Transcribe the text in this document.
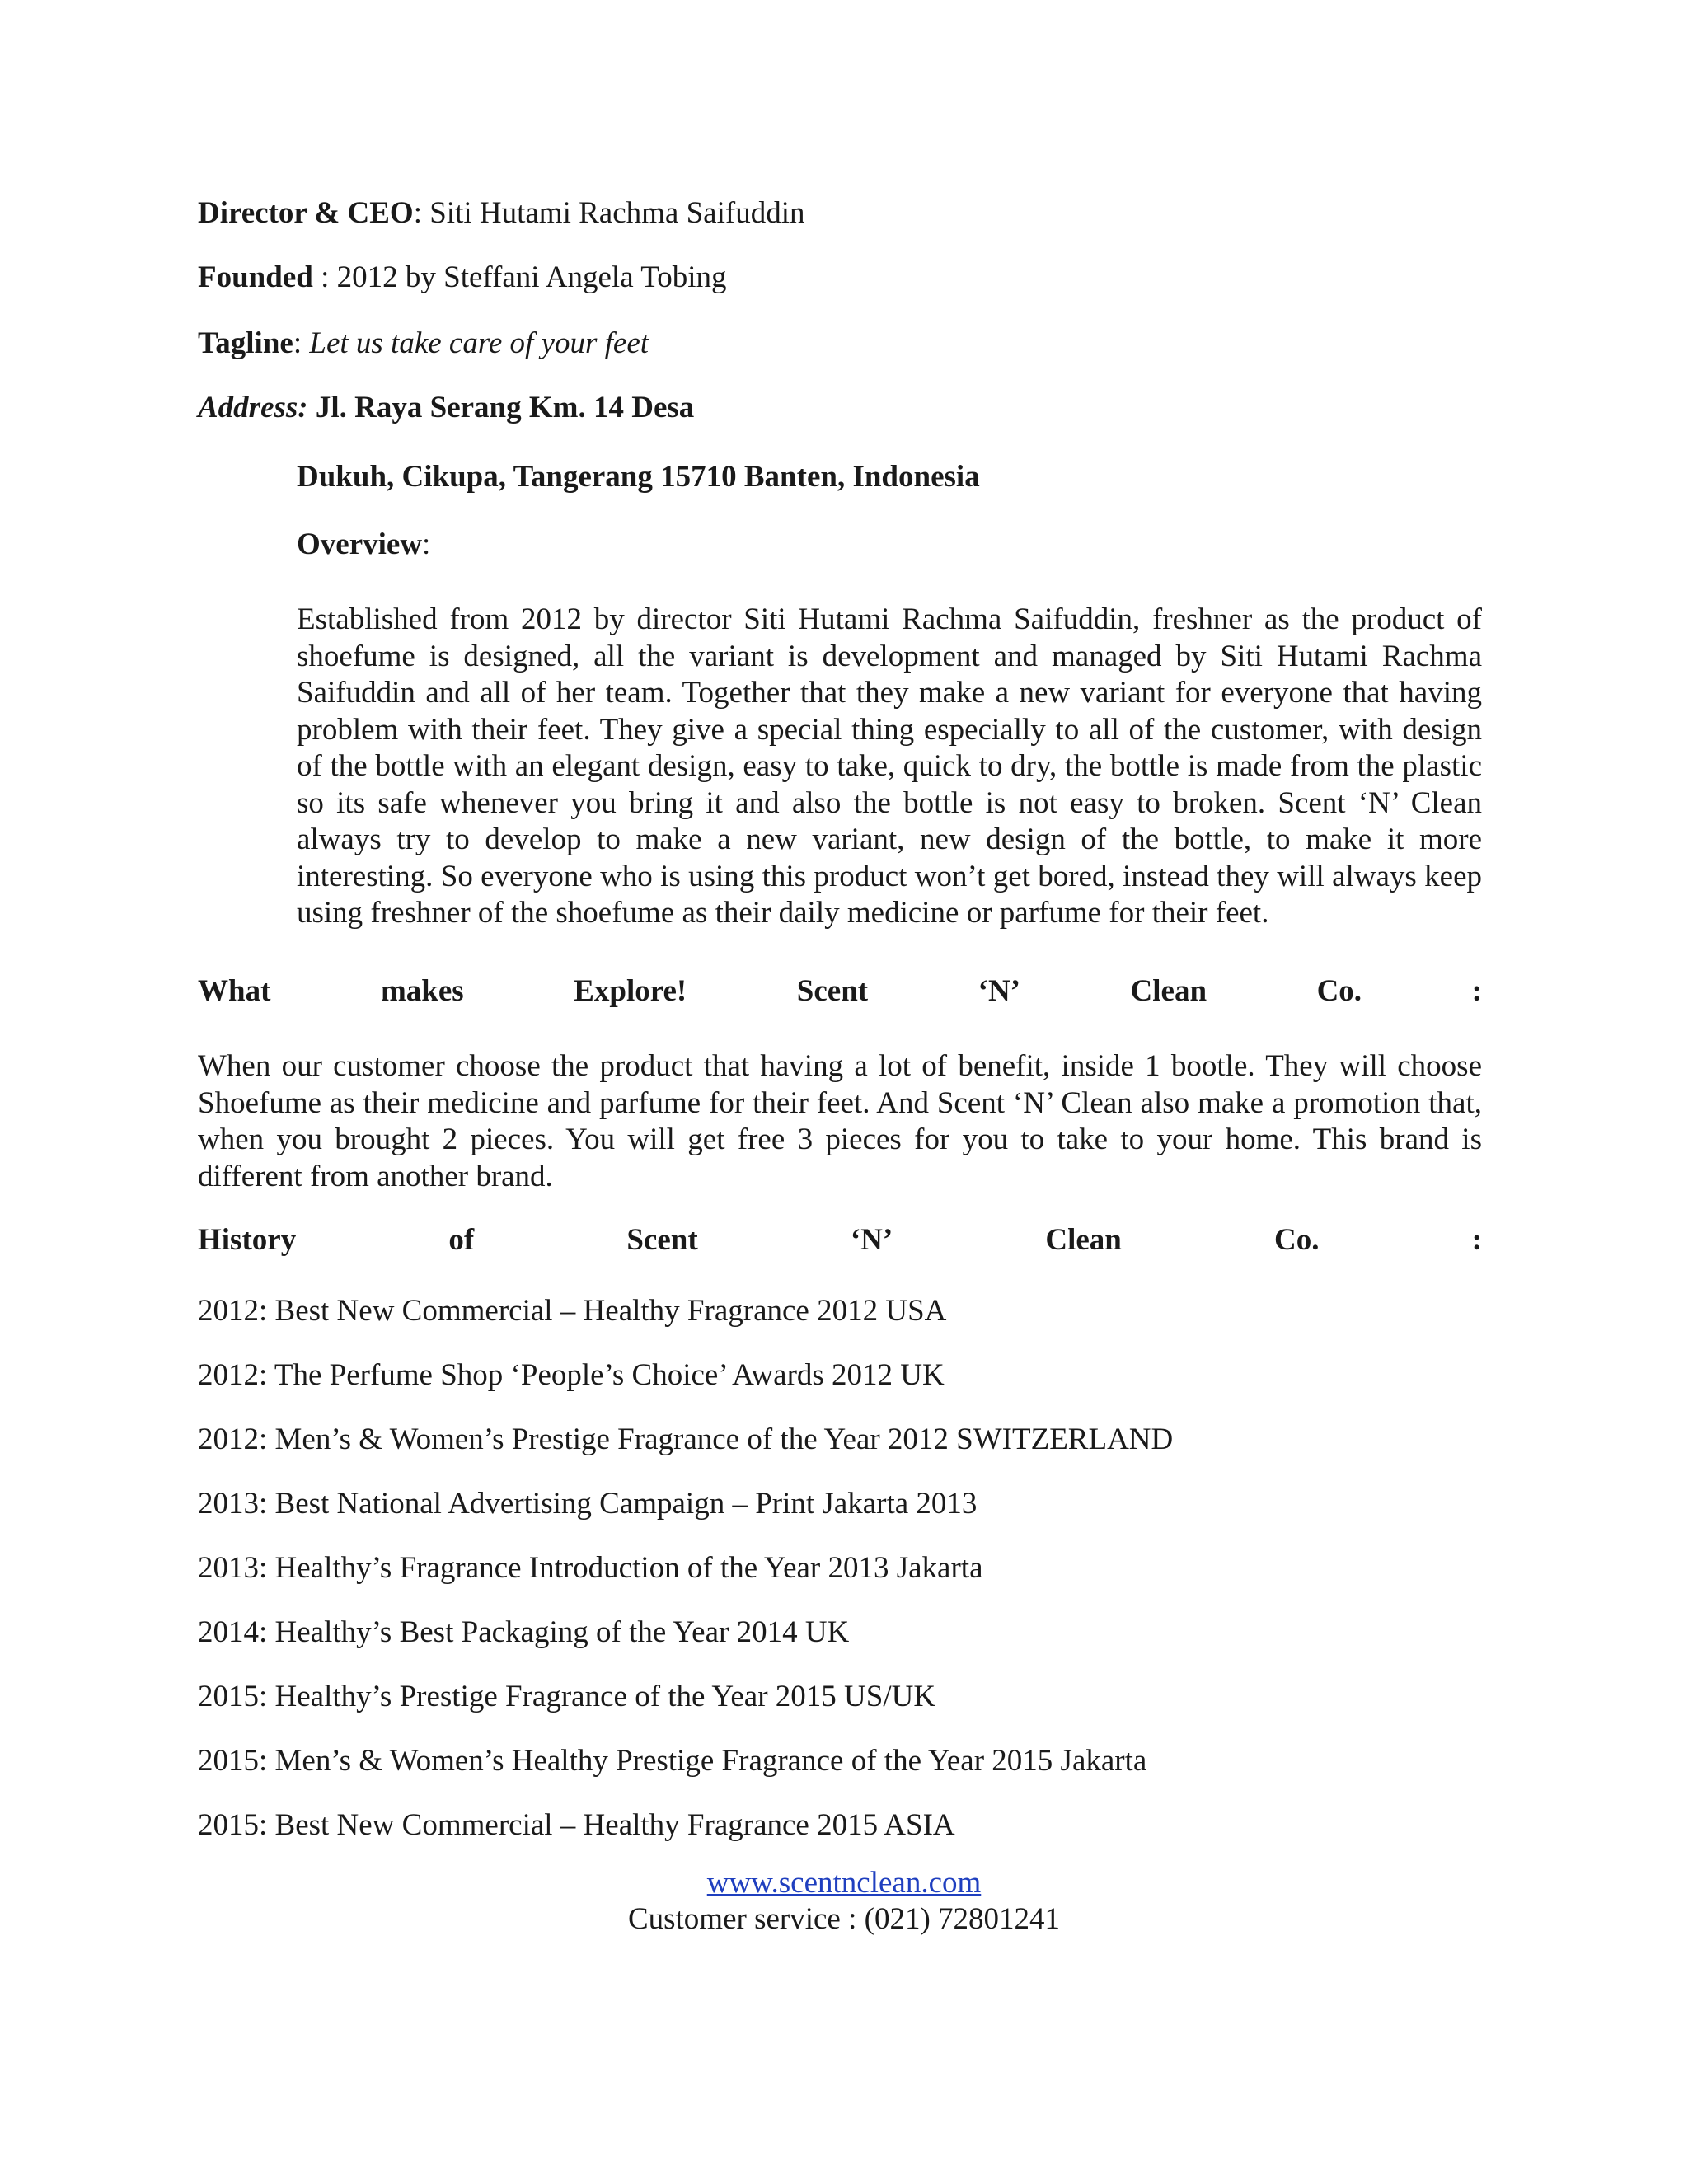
Director & CEO: Siti Hutami Rachma Saifuddin
Founded : 2012 by Steffani Angela Tobing
Tagline: Let us take care of your feet
Address: Jl. Raya Serang Km. 14 Desa
Dukuh, Cikupa, Tangerang 15710 Banten, Indonesia
Overview:
Established from 2012 by director Siti Hutami Rachma Saifuddin, freshner as the product of shoefume is designed, all the variant is development and managed by Siti Hutami Rachma Saifuddin and all of her team. Together that they make a new variant for everyone that having problem with their feet. They give a special thing especially to all of the customer, with design of the bottle with an elegant design, easy to take, quick to dry, the bottle is made from the plastic so its safe whenever you bring it and also the bottle is not easy to broken. Scent ‘N’ Clean always try to develop to make a new variant, new design of the bottle, to make it more interesting. So everyone who is using this product won’t get bored, instead they will always keep using freshner of the shoefume as their daily medicine or parfume for their feet.
What	makes	Explore!	Scent	‘N’	Clean	Co.	:
When our customer choose the product that having a lot of benefit, inside 1 bootle. They will choose Shoefume as their medicine and parfume for their feet. And Scent ‘N’ Clean also make a promotion that, when you brought 2 pieces. You will get free 3 pieces for you to take to your home. This brand is different from another brand.
History	of	Scent	‘N’	Clean	Co.	:
2012: Best New Commercial – Healthy Fragrance 2012 USA
2012: The Perfume Shop ‘People’s Choice’ Awards 2012 UK
2012: Men’s & Women’s Prestige Fragrance of the Year 2012 SWITZERLAND
2013: Best National Advertising Campaign – Print Jakarta 2013
2013: Healthy’s Fragrance Introduction of the Year 2013 Jakarta
2014: Healthy’s Best Packaging of the Year 2014 UK
2015: Healthy’s Prestige Fragrance of the Year 2015 US/UK
2015: Men’s & Women’s Healthy Prestige Fragrance of the Year 2015 Jakarta
2015: Best New Commercial – Healthy Fragrance 2015 ASIA
www.scentnclean.com
Customer service : (021) 72801241
